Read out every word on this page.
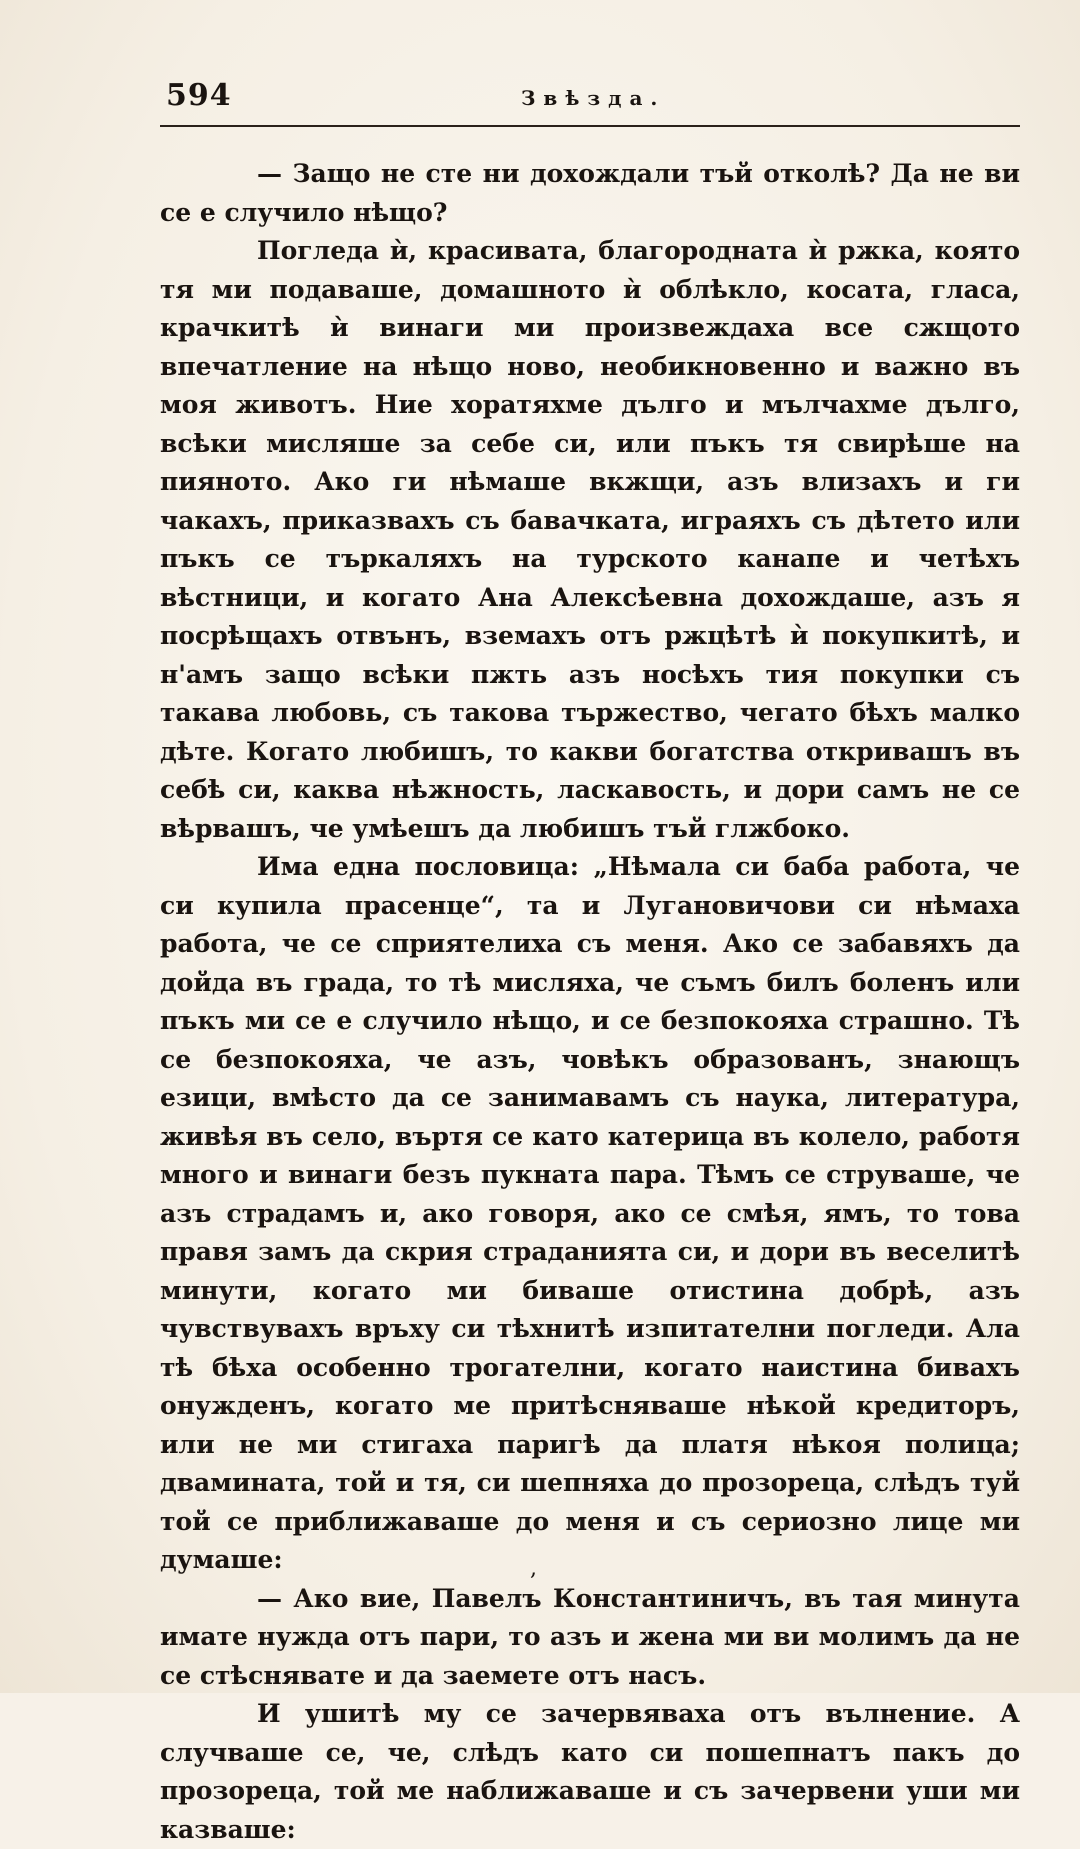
594	Звѣзда.

— Защо не сте ни дохождали тъй отколѣ? Да не ви се е случило нѣщо?

Погледа ѝ, красивата, благородната ѝ ржка, която тя ми подаваше, домашното ѝ облѣкло, косата, гласа, крачкитѣ ѝ винаги ми произвеждаха все сжщото впечатление на нѣщо ново, необикновенно и важно въ моя животъ. Ние хоратяхме дълго и мълчахме дълго, всѣки мисляше за себе си, или пъкъ тя свирѣше на пияното. Ако ги нѣмаше вкжщи, азъ влизахъ и ги чакахъ, приказвахъ съ бавачката, играяхъ съ дѣтето или пъкъ се търкаляхъ на турското канапе и четѣхъ вѣстници, и когато Ана Алексѣевна дохождаше, азъ я посрѣщахъ отвънъ, вземахъ отъ ржцѣтѣ ѝ покупкитѣ, и н'амъ защо всѣки пжть азъ носѣхъ тия покупки съ такава любовь, съ такова тържество, чегато бѣхъ малко дѣте. Когато любишъ, то какви богатства откривашъ въ себѣ си, каква нѣжность, ласкавость, и дори самъ не се вѣрвашъ, че умѣешъ да любишъ тъй глжбоко.

Има една пословица: „Нѣмала си баба работа, че си купила прасенце“, та и Лугановичови си нѣмаха работа, че се сприятелиха съ меня. Ако се забавяхъ да дойда въ града, то тѣ мисляха, че съмъ билъ боленъ или пъкъ ми се е случило нѣщо, и се безпокояха страшно. Тѣ се безпокояха, че азъ, човѣкъ образованъ, знающъ езици, вмѣсто да се занимавамъ съ наука, литература, живѣя въ село, въртя се като катерица въ колело, работя много и винаги безъ пукната пара. Тѣмъ се струваше, че азъ страдамъ и, ако говоря, ако се смѣя, ямъ, то това правя замъ да скрия страданията си, и дори въ веселитѣ минути, когато ми биваше отистина добрѣ, азъ чувствувахъ връху си тѣхнитѣ изпитателни погледи. Ала тѣ бѣха особенно трогателни, когато наистина бивахъ онужденъ, когато ме притѣсняваше нѣкой кредиторъ, или не ми стигаха паригѣ да платя нѣкоя полица; двамината, той и тя, си шепняха до прозореца, слѣдъ туй той се приближаваше до меня и съ сериозно лице ми думаше:

— Ако вие, Павелъ Константиничъ, въ тая минута имате нужда отъ пари, то азъ и жена ми ви молимъ да не се стѣснявате и да заемете отъ насъ.

И ушитѣ му се зачервяваха отъ вълнение. А случваше се, че, слѣдъ като си пошепнатъ пакъ до прозореца, той ме наближаваше и съ зачервени уши ми казваше:

,
